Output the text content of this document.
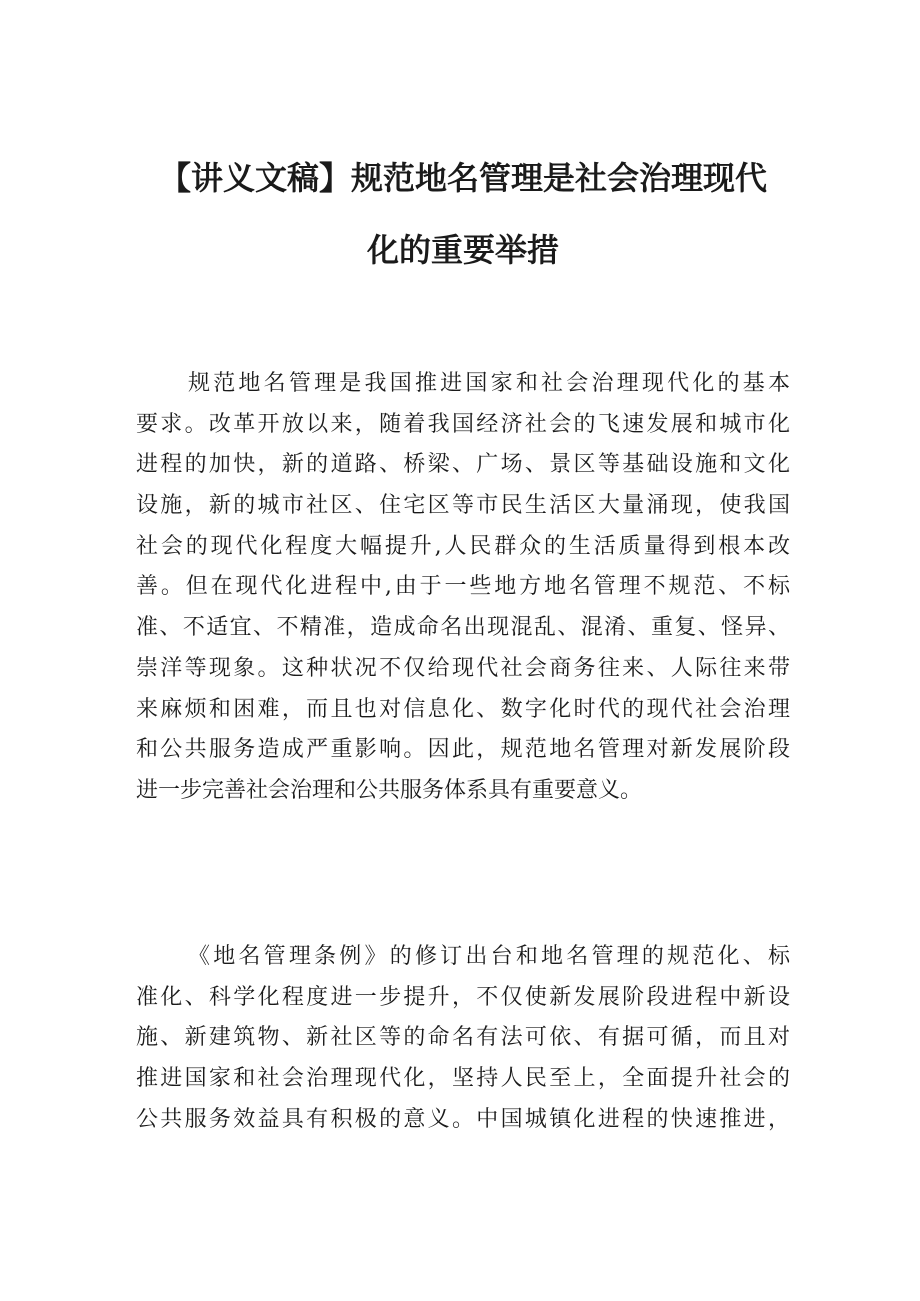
【讲义文稿】规范地名管理是社会治理现代
化的重要举措
规范地名管理是我国推进国家和社会治理现代化的基本
要求。改革开放以来，随着我国经济社会的飞速发展和城市化
进程的加快，新的道路、桥梁、广场、景区等基础设施和文化
设施，新的城市社区、住宅区等市民生活区大量涌现，使我国
社会的现代化程度大幅提升,人民群众的生活质量得到根本改
善。但在现代化进程中,由于一些地方地名管理不规范、不标
准、不适宜、不精准，造成命名出现混乱、混淆、重复、怪异、
崇洋等现象。这种状况不仅给现代社会商务往来、人际往来带
来麻烦和困难，而且也对信息化、数字化时代的现代社会治理
和公共服务造成严重影响。因此，规范地名管理对新发展阶段
进一步完善社会治理和公共服务体系具有重要意义。
《地名管理条例》的修订出台和地名管理的规范化、标
准化、科学化程度进一步提升，不仅使新发展阶段进程中新设
施、新建筑物、新社区等的命名有法可依、有据可循，而且对
推进国家和社会治理现代化，坚持人民至上，全面提升社会的
公共服务效益具有积极的意义。中国城镇化进程的快速推进，
